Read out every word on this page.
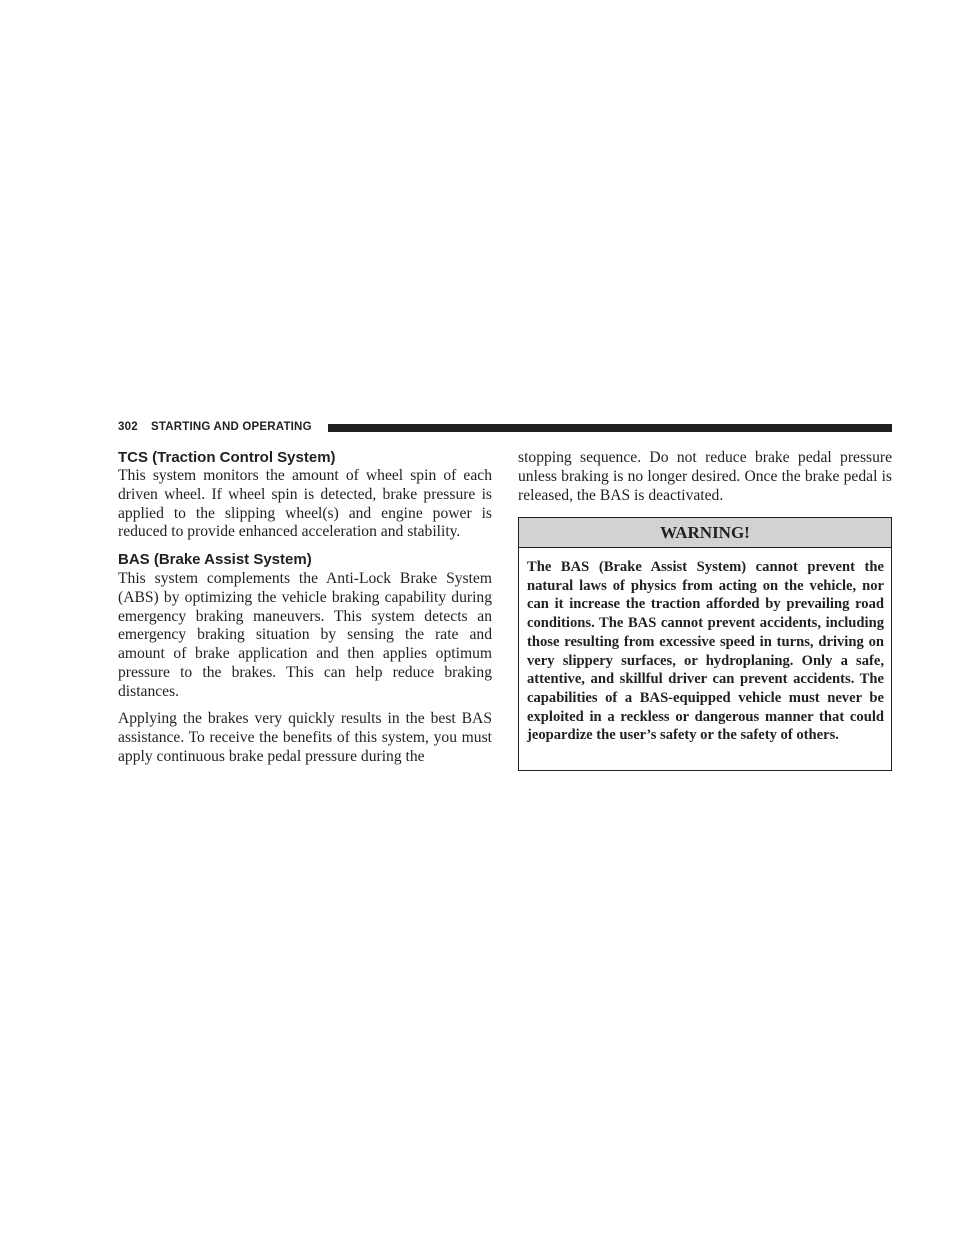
302 STARTING AND OPERATING
TCS (Traction Control System)

This system monitors the amount of wheel spin of each driven wheel. If wheel spin is detected, brake pressure is applied to the slipping wheel(s) and engine power is reduced to provide enhanced acceleration and stability.

BAS (Brake Assist System)

This system complements the Anti-Lock Brake System (ABS) by optimizing the vehicle braking capability during emergency braking maneuvers. This system detects an emergency braking situation by sensing the rate and amount of brake application and then applies optimum pressure to the brakes. This can help reduce braking distances.

Applying the brakes very quickly results in the best BAS assistance. To receive the benefits of this system, you must apply continuous brake pedal pressure during the

stopping sequence. Do not reduce brake pedal pressure unless braking is no longer desired. Once the brake pedal is released, the BAS is deactivated.

WARNING!

The BAS (Brake Assist System) cannot prevent the natural laws of physics from acting on the vehicle, nor can it increase the traction afforded by prevailing road conditions. The BAS cannot prevent accidents, including those resulting from excessive speed in turns, driving on very slippery surfaces, or hydroplaning. Only a safe, attentive, and skillful driver can prevent accidents. The capabilities of a BAS-equipped vehicle must never be exploited in a reckless or dangerous manner that could jeopardize the user’s safety or the safety of others.
